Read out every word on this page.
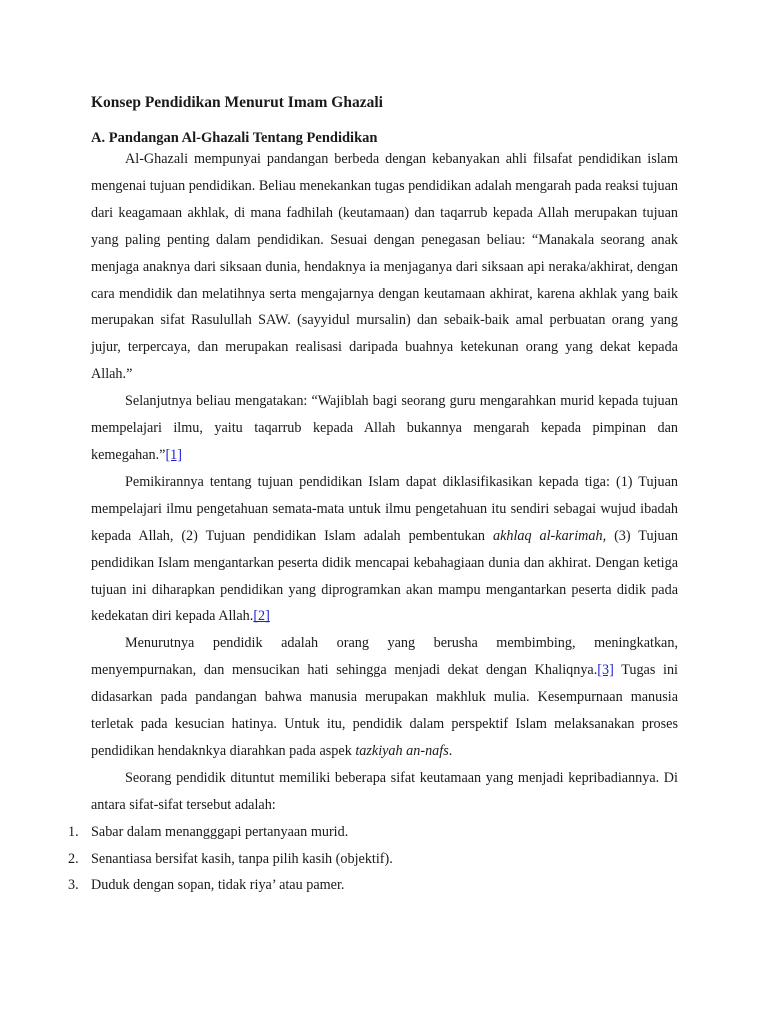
Konsep Pendidikan Menurut Imam Ghazali
A. Pandangan Al-Ghazali Tentang Pendidikan

Al-Ghazali mempunyai pandangan berbeda dengan kebanyakan ahli filsafat pendidikan islam mengenai tujuan pendidikan. Beliau menekankan tugas pendidikan adalah mengarah pada reaksi tujuan dari keagamaan akhlak, di mana fadhilah (keutamaan) dan taqarrub kepada Allah merupakan tujuan yang paling penting dalam pendidikan. Sesuai dengan penegasan beliau: “Manakala seorang anak menjaga anaknya dari siksaan dunia, hendaknya ia menjaganya dari siksaan api neraka/akhirat, dengan cara mendidik dan melatihnya serta mengajarnya dengan keutamaan akhirat, karena akhlak yang baik merupakan sifat Rasulullah SAW. (sayyidul mursalin) dan sebaik-baik amal perbuatan orang yang jujur, terpercaya, dan merupakan realisasi daripada buahnya ketekunan orang yang dekat kepada Allah.”

Selanjutnya beliau mengatakan: “Wajiblah bagi seorang guru mengarahkan murid kepada tujuan mempelajari ilmu, yaitu taqarrub kepada Allah bukannya mengarah kepada pimpinan dan kemegahan.”[1]

Pemikirannya tentang tujuan pendidikan Islam dapat diklasifikasikan kepada tiga: (1) Tujuan mempelajari ilmu pengetahuan semata-mata untuk ilmu pengetahuan itu sendiri sebagai wujud ibadah kepada Allah, (2) Tujuan pendidikan Islam adalah pembentukan akhlaq al-karimah, (3) Tujuan pendidikan Islam mengantarkan peserta didik mencapai kebahagiaan dunia dan akhirat. Dengan ketiga tujuan ini diharapkan pendidikan yang diprogramkan akan mampu mengantarkan peserta didik pada kedekatan diri kepada Allah.[2]

Menurutnya pendidik adalah orang yang berusha membimbing, meningkatkan, menyempurnakan, dan mensucikan hati sehingga menjadi dekat dengan Khaliqnya.[3] Tugas ini didasarkan pada pandangan bahwa manusia merupakan makhluk mulia. Kesempurnaan manusia terletak pada kesucian hatinya. Untuk itu, pendidik dalam perspektif Islam melaksanakan proses pendidikan hendaknkya diarahkan pada aspek tazkiyah an-nafs.

Seorang pendidik dituntut memiliki beberapa sifat keutamaan yang menjadi kepribadiannya. Di antara sifat-sifat tersebut adalah:

1. Sabar dalam menangggapi pertanyaan murid.
2. Senantiasa bersifat kasih, tanpa pilih kasih (objektif).
3. Duduk dengan sopan, tidak riya’ atau pamer.
